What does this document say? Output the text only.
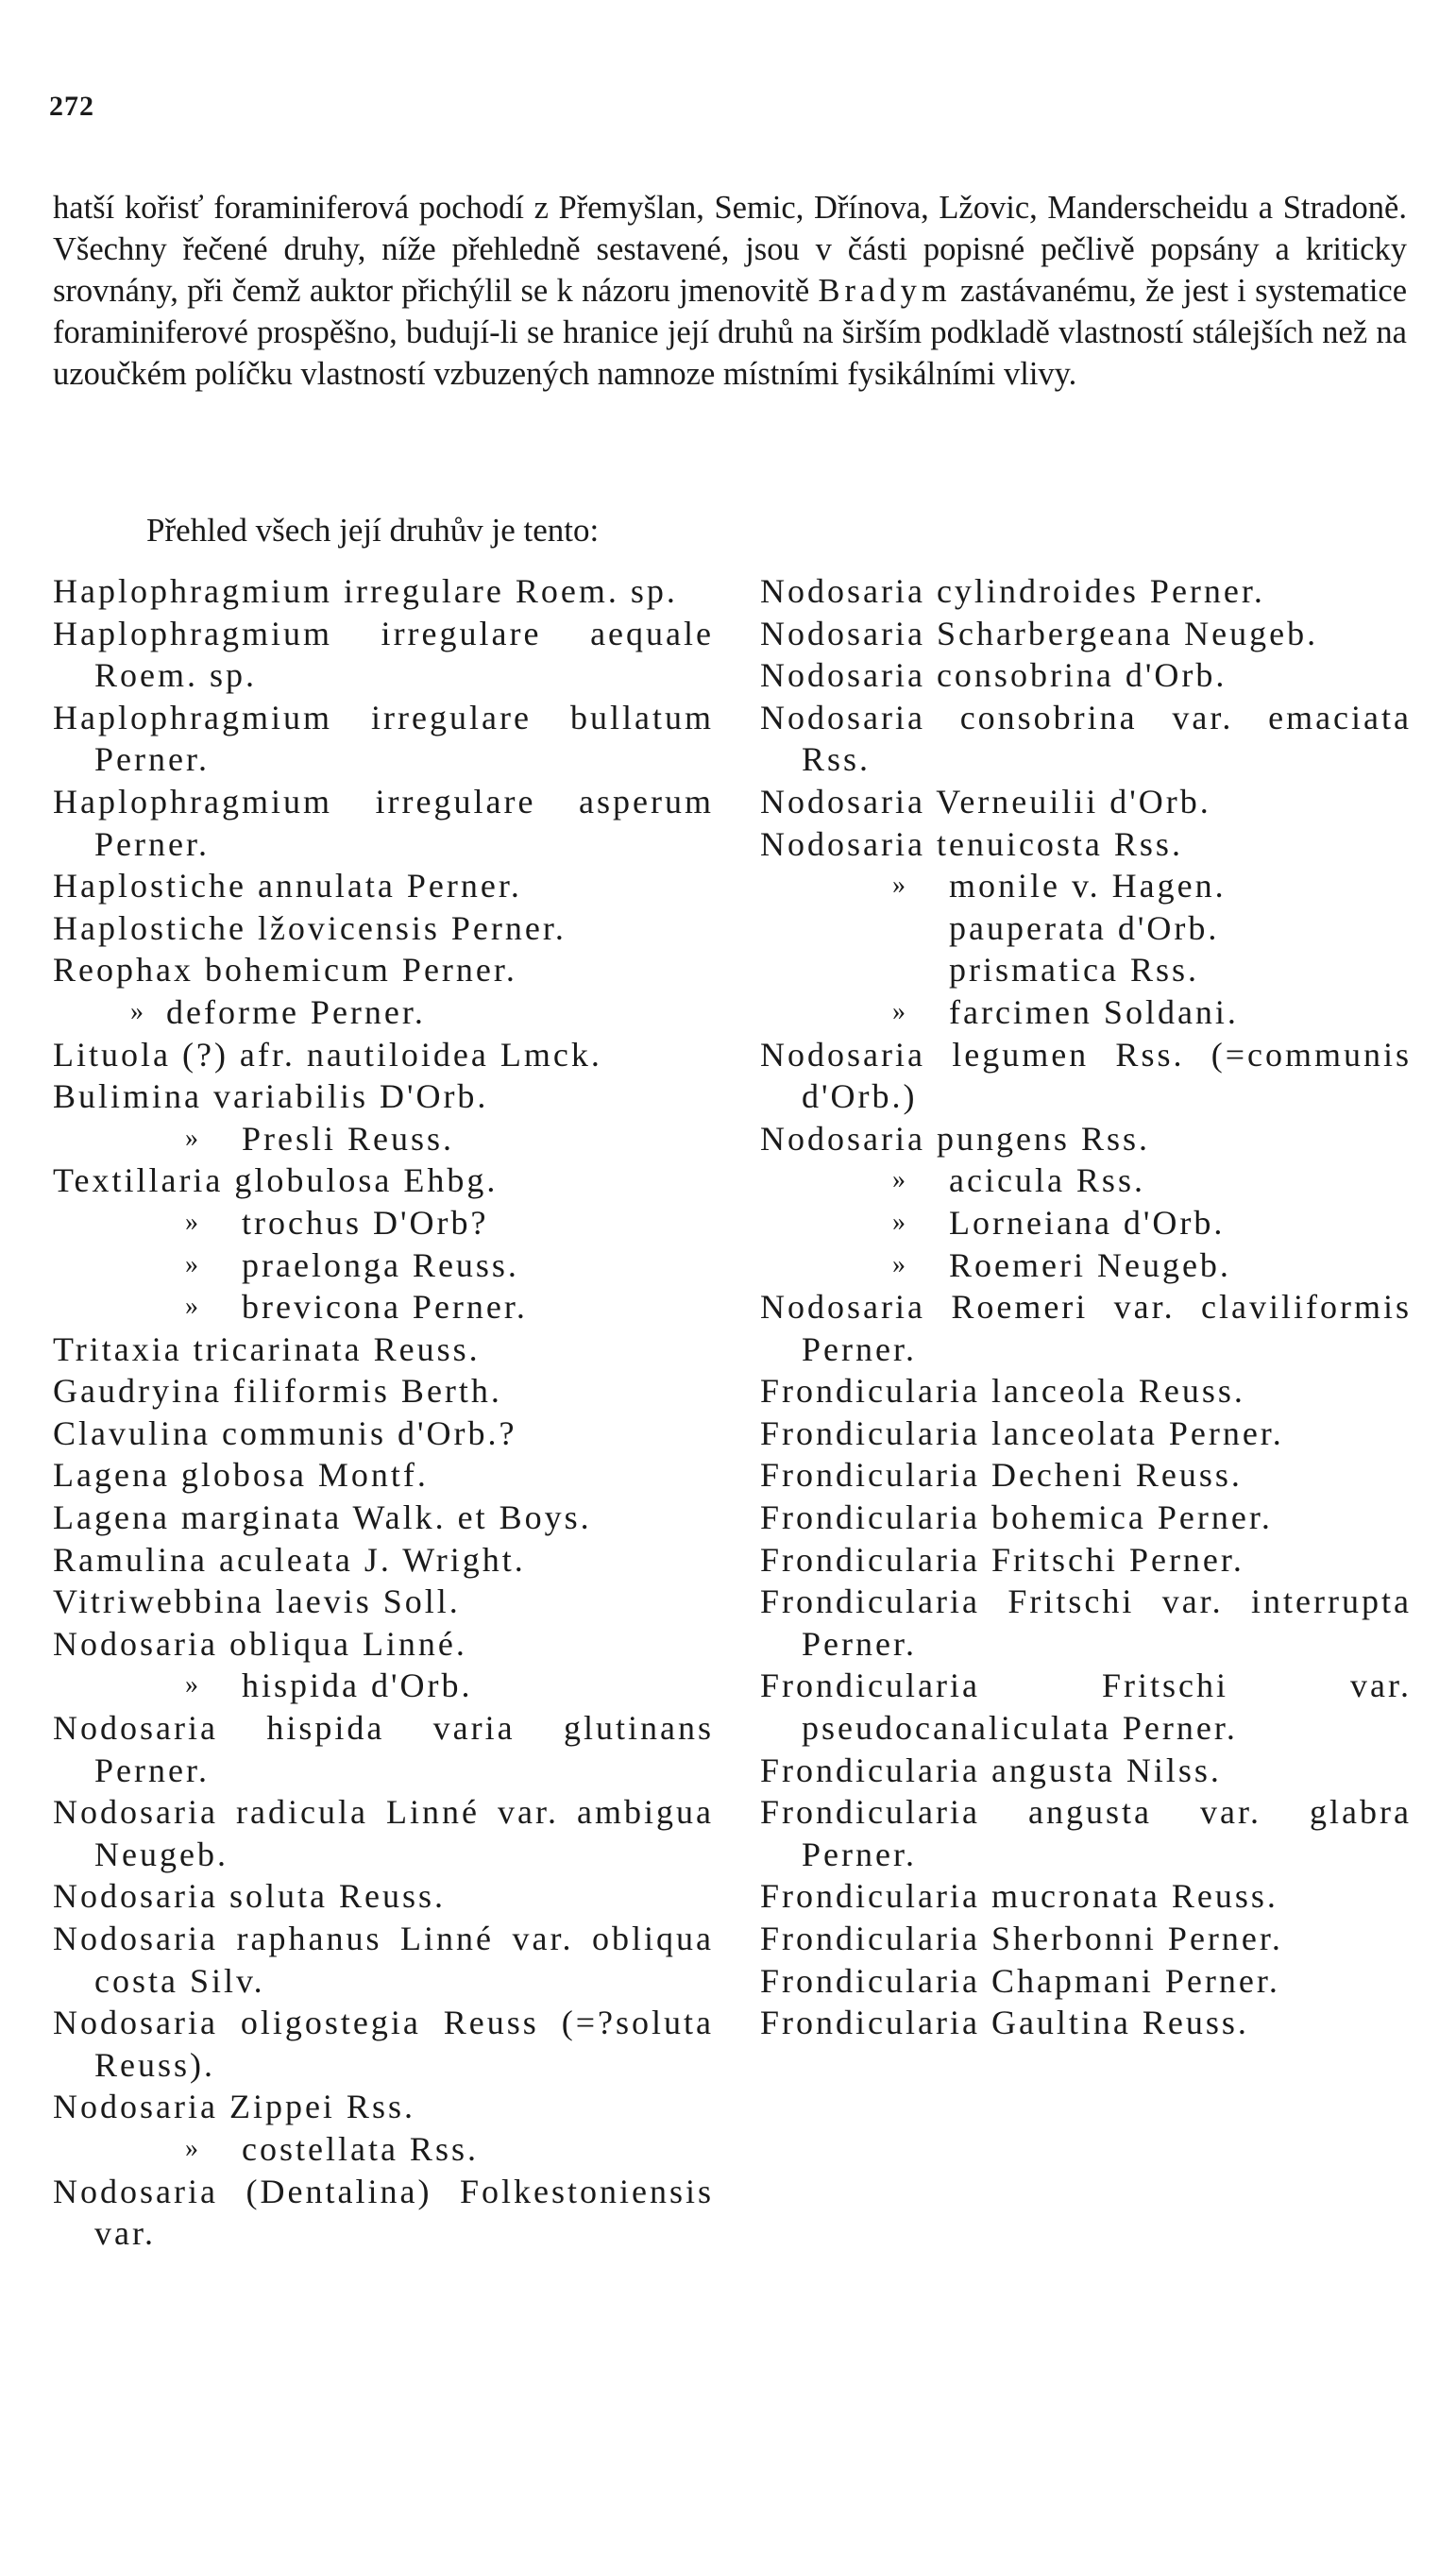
272

hatší kořisť foraminiferová pochodí z Přemyšlan, Semic, Dřínova, Lžovic, Manderscheidu a Stradoně. Všechny řečené druhy, níže přehledně sestavené, jsou v části popisné pečlivě popsány a kriticky srovnány, při čemž auktor přichýlil se k názoru jmenovitě Bradym zastávanému, že jest i systematice foraminiferové prospěšno, budují-li se hranice její druhů na širším podkladě vlastností stálejších než na uzoučkém políčku vlastností vzbuzených namnoze místními fysikálními vlivy.

Přehled všech její druhův je tento:
Haplophragmium irregulare Roem. sp.
Haplophragmium irregulare aequale Roem. sp.
Haplophragmium irregulare bullatum Perner.
Haplophragmium irregulare asperum Perner.
Haplostiche annulata Perner.
Haplostiche lžovicensis Perner.
Reophax bohemicum Perner.
» deforme Perner.
Lituola (?) afr. nautiloidea Lmck.
Bulimina variabilis D'Orb.
» Presli Reuss.
Textillaria globulosa Ehbg.
» trochus D'Orb?
» praelonga Reuss.
» brevicona Perner.
Tritaxia tricarinata Reuss.
Gaudryina filiformis Berth.
Clavulina communis d'Orb.?
Lagena globosa Montf.
Lagena marginata Walk. et Boys.
Ramulina aculeata J. Wright.
Vitriwebbina laevis Soll.
Nodosaria obliqua Linné.
» hispida d'Orb.
Nodosaria hispida varia glutinans Perner.
Nodosaria radicula Linné var. ambigua Neugeb.
Nodosaria soluta Reuss.
Nodosaria raphanus Linné var. obliqua costa Silv.
Nodosaria oligostegia Reuss (=?soluta Reuss).
Nodosaria Zippei Rss.
» costellata Rss.
Nodosaria (Dentalina) Folkestoniensis var.
Nodosaria cylindroides Perner.
Nodosaria Scharbergeana Neugeb.
Nodosaria consobrina d'Orb.
Nodosaria consobrina var. emaciata Rss.
Nodosaria Verneuilii d'Orb.
Nodosaria tenuicosta Rss.
» monile v. Hagen.
pauperata d'Orb.
prismatica Rss.
» farcimen Soldani.
Nodosaria legumen Rss. (=communis d'Orb.)
Nodosaria pungens Rss.
» acicula Rss.
» Lorneiana d'Orb.
» Roemeri Neugeb.
Nodosaria Roemeri var. claviliformis Perner.
Frondicularia lanceola Reuss.
Frondicularia lanceolata Perner.
Frondicularia Decheni Reuss.
Frondicularia bohemica Perner.
Frondicularia Fritschi Perner.
Frondicularia Fritschi var. interrupta Perner.
Frondicularia Fritschi var. pseudocanaliculata Perner.
Frondicularia angusta Nilss.
Frondicularia angusta var. glabra Perner.
Frondicularia mucronata Reuss.
Frondicularia Sherbonni Perner.
Frondicularia Chapmani Perner.
Frondicularia Gaultina Reuss.
